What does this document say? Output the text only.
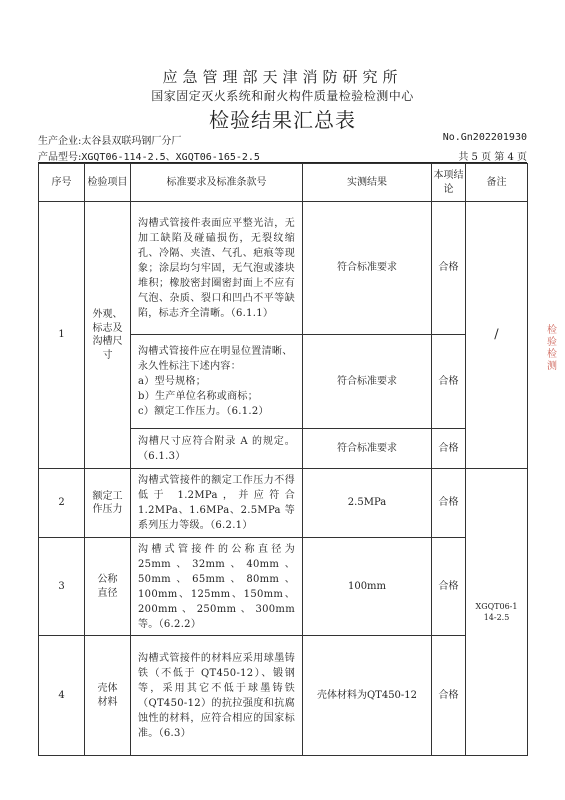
应急管理部天津消防研究所
国家固定灭火系统和耐火构件质量检验检测中心
检验结果汇总表
生产企业:太谷县双联玛钢厂分厂	No.Gn202201930
产品型号:XGQT06-114-2.5、XGQT06-165-2.5	共 5 页 第 4 页
序号	检验项目	标准要求及标准条款号	实测结果	本项结论	备注
1	外观、标志及沟槽尺寸	沟槽式管接件表面应平整光洁，无加工缺陷及碰磕损伤，无裂纹缩孔、冷隔、夹渣、气孔、疤痕等现象；涂层均匀牢固，无气泡或漆块堆积；橡胶密封圈密封面上不应有气泡、杂质、裂口和凹凸不平等缺陷，标志齐全清晰。（6.1.1）	符合标准要求	合格	/

		沟槽式管接件应在明显位置清晰、永久性标注下述内容：
a）型号规格；
b）生产单位名称或商标；
c）额定工作压力。（6.1.2）	符合标准要求	合格	
		沟槽尺寸应符合附录 A 的规定。（6.1.3）	符合标准要求	合格	
2	额定工作压力	沟槽式管接件的额定工作压力不得低于 1.2MPa，并应符合 1.2MPa、1.6MPa、2.5MPa 等系列压力等级。（6.2.1）	2.5MPa	合格	XGQT06-114-2.5
3	公称直径	沟槽式管接件的公称直径为 25mm、32mm、40mm、50mm、65mm、80mm、100mm、125mm、150mm、200mm、250mm、300mm 等。（6.2.2）	100mm	合格	
4	壳体材料	沟槽式管接件的材料应采用球墨铸铁（不低于 QT450-12）、锻钢等，采用其它不低于球墨铸铁（QT450-12）的抗拉强度和抗腐蚀性的材料，应符合相应的国家标准。（6.3）	壳体材料为QT450-12	合格	
检验检测
